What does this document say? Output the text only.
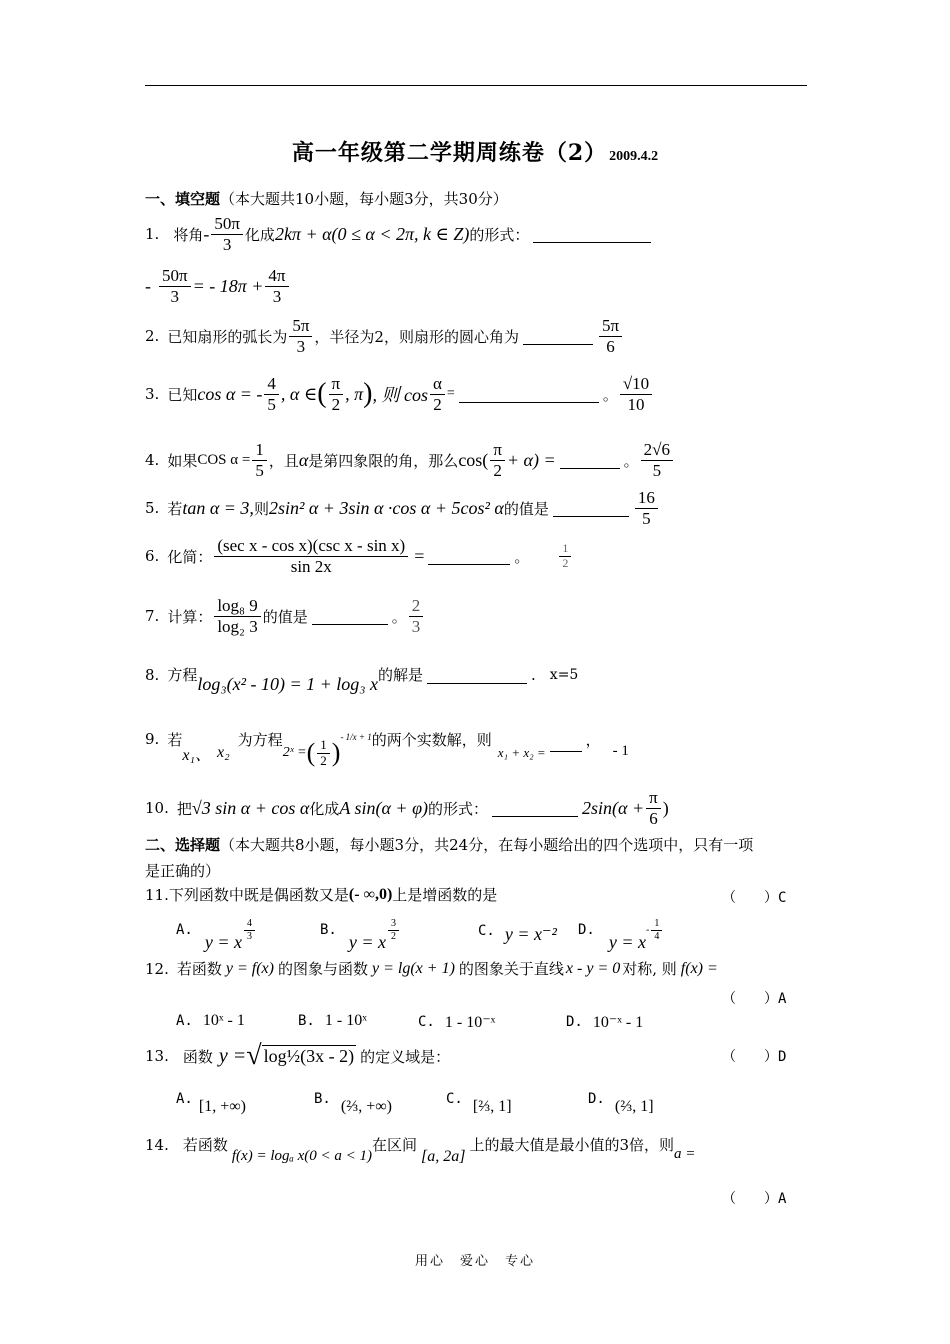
高一年级第二学期周练卷（2） 2009.4.2
一、填空题 （本大题共10小题，每小题3分，共30分）
1. 将角 - $\frac{50\pi}{3}$ 化成 2kπ + α(0 ≤ α < 2π, k ∈ Z) 的形式：
- $\frac{50\pi}{3}$ = - $18\pi + \frac{4\pi}{3}$
2. 已知扇形的弧长为 $\frac{5\pi}{3}$ ，半径为2，则扇形的圆心角为	$\frac{5\pi}{6}$
3. 已知 cos α = - $\frac{4}{5}$ , α ∈ ( $\frac{\pi}{2}$ , π ) , 则 $\cos \frac{\alpha}{2}$ =	。 $\frac{√10}{10}$
4. 如果 COS $\alpha = \frac{1}{5}$ ，且 α 是第四象限的角，那么 $\cos( \frac{\pi}{2} + \alpha)$ =	。 $\frac{2√6}{5}$
5. 若 tan α = 3, 则 2sin² α + 3sin α ·cos α + 5cos² α 的值是	$\frac{16}{5}$
6. 化简： $\frac{\text{(sec x - cos x)(csc x - sin x)}}{\sin 2x}$ =	。	$\frac{1}{2}$
7. 计算： $\frac{\text{log₈ 9}}{\text{log₂ 3}}$ 的值是	。 $\frac{2}{3}$
8. 方程 log₃(x² - 10) = 1 + log₃ x 的解是	. x=5
9. 若
x₁、 x₂
为方程
2ˣ = ( $\frac{1}{2}$ )
- 1/x + 1 的两个实数解，则
x₁ + x₂ =
，
- 1
10. 把 √3 sin α + cos α 化成 A sin(α + φ) 的形式：	$2\sin(\alpha + \frac{\pi}{6}$ )
二、选择题 （本大题共8小题，每小题3分，共24分，在每小题给出的四个选项中，只有一项
是正确的）
11. 下列函数中既是偶函数又是 (- ∞,0) 上是增函数的是	（　　）C
A.
y = x $\frac{4}{3}$	B.
y = x $\frac{3}{2}$	C. y = x⁻² D.
y = x
- $\frac{1}{4}$
12. 若函数 y = f(x) 的图象与函数 y = lg(x + 1) 的图象关于直线 x - y = 0 对称, 则 f(x) =
（　　）A
A. 10ˣ - 1	B. 1 - 10ˣ	C. 1 - 10⁻ˣ	D. 10⁻ˣ - 1
13. 函数 y = √ log½(3x - 2) 的定义域是：	（　　）D
A. [1, +∞)	B. (⅔, +∞)	C. [⅔, 1]	D. (⅔, 1]
14. 若函数
f(x) = logₐ x(0 < a < 1)
在区间
[a, 2a]
上的最大值是最小值的3倍，则 a =
（　　）A
用心　爱心　专心
